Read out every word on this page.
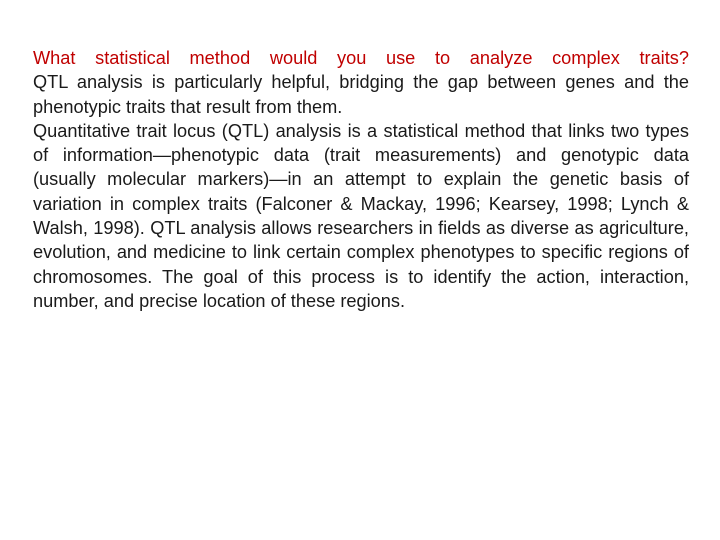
What statistical method would you use to analyze complex traits?

QTL analysis is particularly helpful, bridging the gap between genes and the phenotypic traits that result from them.

Quantitative trait locus (QTL) analysis is a statistical method that links two types of information—phenotypic data (trait measurements) and genotypic data (usually molecular markers)—in an attempt to explain the genetic basis of variation in complex traits (Falconer & Mackay, 1996; Kearsey, 1998; Lynch & Walsh, 1998). QTL analysis allows researchers in fields as diverse as agriculture, evolution, and medicine to link certain complex phenotypes to specific regions of chromosomes. The goal of this process is to identify the action, interaction, number, and precise location of these regions.
